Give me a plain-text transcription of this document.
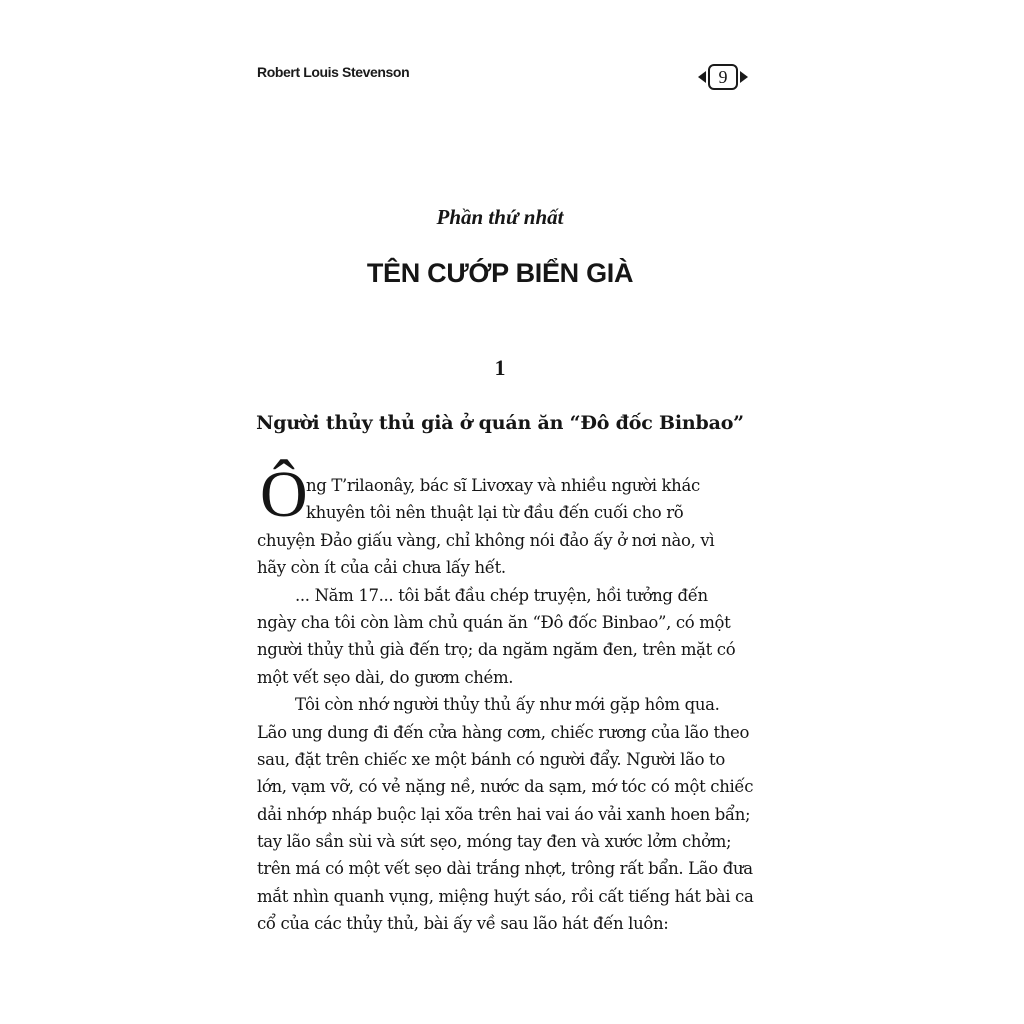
Robert Louis Stevenson	9
Phần thứ nhất
TÊN CƯỚP BIỂN GIÀ
1
Người thủy thủ già ở quán ăn “Đô đốc Binbao”
Ô
ng T’rilaonây, bác sĩ Livơxay và nhiều người khác
khuyên tôi nên thuật lại từ đầu đến cuối cho rõ
chuyện Đảo giấu vàng, chỉ không nói đảo ấy ở nơi nào, vì
hãy còn ít của cải chưa lấy hết.
... Năm 17... tôi bắt đầu chép truyện, hồi tưởng đến
ngày cha tôi còn làm chủ quán ăn “Đô đốc Binbao”, có một
người thủy thủ già đến trọ; da ngăm ngăm đen, trên mặt có
một vết sẹo dài, do gươm chém.
Tôi còn nhớ người thủy thủ ấy như mới gặp hôm qua.
Lão ung dung đi đến cửa hàng cơm, chiếc rương của lão theo
sau, đặt trên chiếc xe một bánh có người đẩy. Người lão to
lớn, vạm vỡ, có vẻ nặng nề, nước da sạm, mớ tóc có một chiếc
dải nhớp nháp buộc lại xõa trên hai vai áo vải xanh hoen bẩn;
tay lão sần sùi và sứt sẹo, móng tay đen và xước lởm chởm;
trên má có một vết sẹo dài trắng nhợt, trông rất bẩn. Lão đưa
mắt nhìn quanh vụng, miệng huýt sáo, rồi cất tiếng hát bài ca
cổ của các thủy thủ, bài ấy về sau lão hát đến luôn:
